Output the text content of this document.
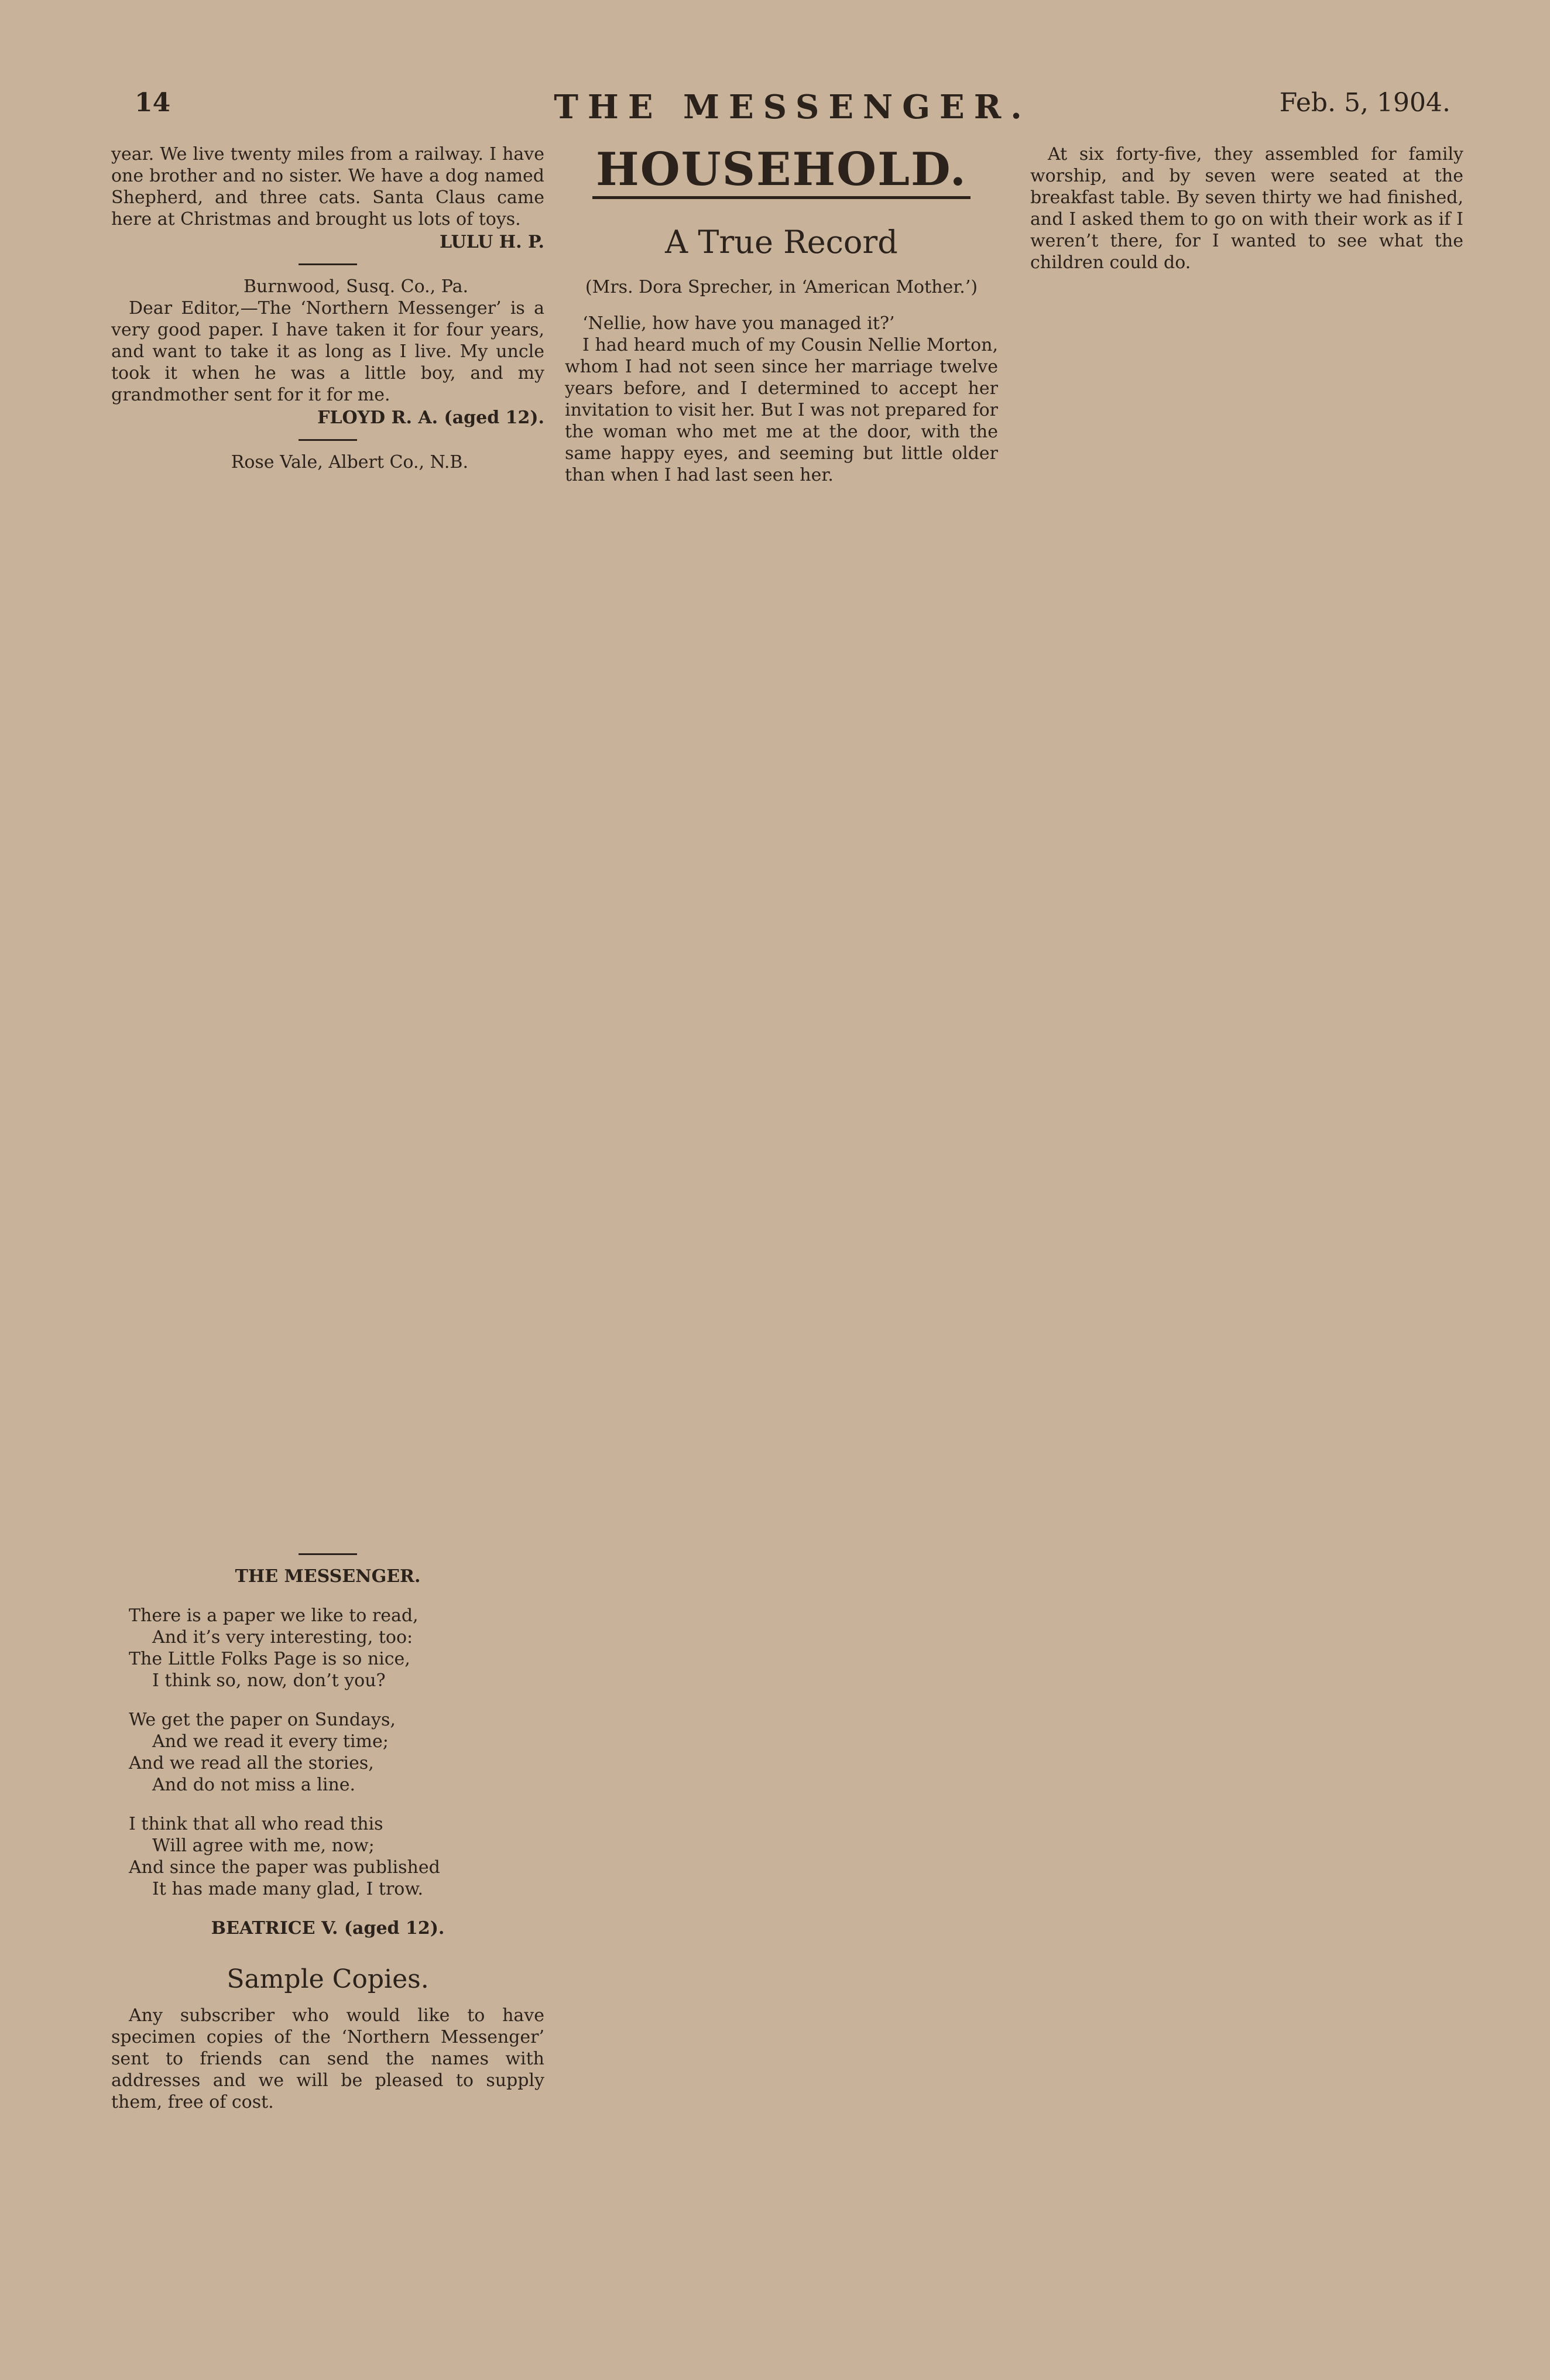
14	THE MESSENGER.	Feb. 5, 1904.

year. We live twenty miles from a railway. I have one brother and no sister. We have a dog named Shepherd, and three cats. Santa Claus came here at Christmas and brought us lots of toys.

LULU H. P.
Burnwood, Susq. Co., Pa.

Dear Editor,—The ‘Northern Messenger’ is a very good paper. I have taken it for four years, and want to take it as long as I live. My uncle took it when he was a little boy, and my grandmother sent for it for me.

FLOYD R. A. (aged 12).
Rose Vale, Albert Co., N.B.
THE MESSENGER.
There is a paper we like to read,
And it’s very interesting, too:
The Little Folks Page is so nice,
I think so, now, don’t you?
We get the paper on Sundays,
And we read it every time;
And we read all the stories,
And do not miss a line.
I think that all who read this
Will agree with me, now;
And since the paper was published
It has made many glad, I trow.
BEATRICE V. (aged 12).
Sample Copies.

Any subscriber who would like to have specimen copies of the ‘Northern Messenger’ sent to friends can send the names with addresses and we will be pleased to supply them, free of cost.

HOUSEHOLD.
A True Record
(Mrs. Dora Sprecher, in ‘American Mother.’)

‘Nellie, how have you managed it?’

I had heard much of my Cousin Nellie Morton, whom I had not seen since her marriage twelve years before, and I determined to accept her invitation to visit her. But I was not prepared for the woman who met me at the door, with the same happy eyes, and seeming but little older than when I had last seen her.

At six forty-five, they assembled for family worship, and by seven were seated at the breakfast table. By seven thirty we had finished, and I asked them to go on with their work as if I weren’t there, for I wanted to see what the children could do.
